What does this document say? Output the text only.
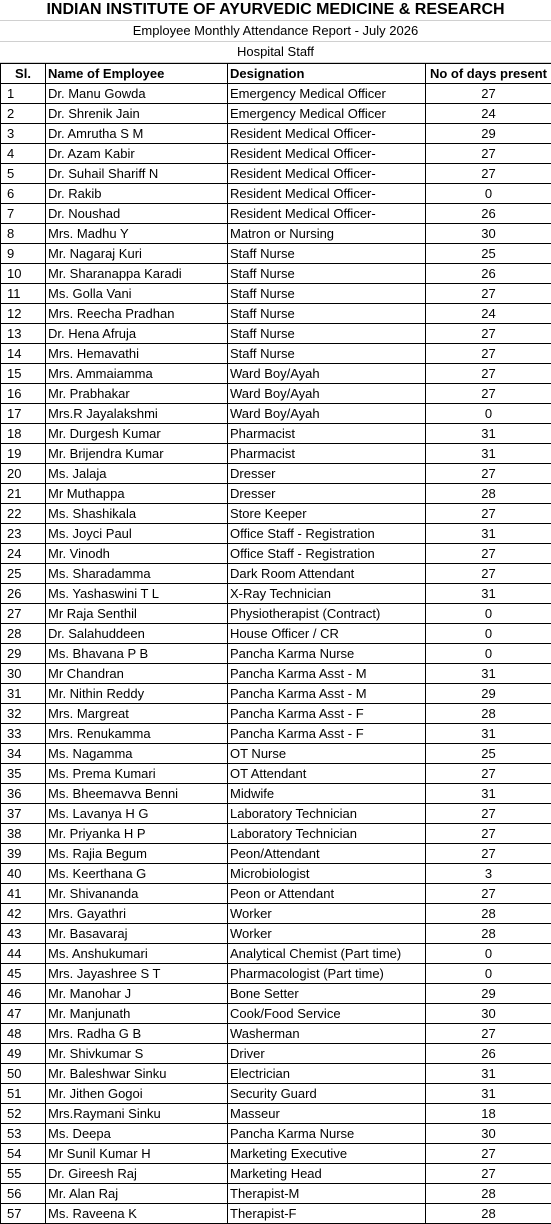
INDIAN INSTITUTE OF AYURVEDIC MEDICINE & RESEARCH
Employee Monthly Attendance Report - July 2026
Hospital Staff
Sl.	Name of Employee	Designation	No of days present
1	Dr. Manu Gowda	Emergency Medical Officer	27
2	Dr. Shrenik Jain	Emergency Medical Officer	24
3	Dr. Amrutha S M	Resident Medical Officer-	29
4	Dr. Azam Kabir	Resident Medical Officer-	27
5	Dr. Suhail Shariff N	Resident Medical Officer-	27
6	Dr. Rakib	Resident Medical Officer-	0
7	Dr. Noushad	Resident Medical Officer-	26
8	Mrs. Madhu Y	Matron or Nursing	30
9	Mr. Nagaraj Kuri	Staff Nurse	25
10	Mr. Sharanappa Karadi	Staff Nurse	26
11	Ms. Golla Vani	Staff Nurse	27
12	Mrs. Reecha Pradhan	Staff Nurse	24
13	Dr. Hena Afruja	Staff Nurse	27
14	Mrs. Hemavathi	Staff Nurse	27
15	Mrs. Ammaiamma	Ward Boy/Ayah	27
16	Mr. Prabhakar	Ward Boy/Ayah	27
17	Mrs.R Jayalakshmi	Ward Boy/Ayah	0
18	Mr. Durgesh Kumar	Pharmacist	31
19	Mr. Brijendra Kumar	Pharmacist	31
20	Ms. Jalaja	Dresser	27
21	Mr Muthappa	Dresser	28
22	Ms. Shashikala	Store Keeper	27
23	Ms. Joyci Paul	Office Staff - Registration	31
24	Mr. Vinodh	Office Staff - Registration	27
25	Ms. Sharadamma	Dark Room Attendant	27
26	Ms. Yashaswini T L	X-Ray Technician	31
27	Mr Raja Senthil	Physiotherapist (Contract)	0
28	Dr. Salahuddeen	House Officer / CR	0
29	Ms. Bhavana P B	Pancha Karma Nurse	0
30	Mr Chandran	Pancha Karma Asst - M	31
31	Mr. Nithin Reddy	Pancha Karma Asst - M	29
32	Mrs. Margreat	Pancha Karma Asst - F	28
33	Mrs. Renukamma	Pancha Karma Asst - F	31
34	Ms. Nagamma	OT Nurse	25
35	Ms. Prema Kumari	OT Attendant	27
36	Ms. Bheemavva Benni	Midwife	31
37	Ms. Lavanya H G	Laboratory Technician	27
38	Mr. Priyanka H P	Laboratory Technician	27
39	Ms. Rajia Begum	Peon/Attendant	27
40	Ms. Keerthana G	Microbiologist	3
41	Mr. Shivananda	Peon or Attendant	27
42	Mrs. Gayathri	Worker	28
43	Mr. Basavaraj	Worker	28
44	Ms. Anshukumari	Analytical Chemist (Part time)	0
45	Mrs. Jayashree S T	Pharmacologist (Part time)	0
46	Mr. Manohar J	Bone Setter	29
47	Mr. Manjunath	Cook/Food Service	30
48	Mrs. Radha G B	Washerman	27
49	Mr. Shivkumar S	Driver	26
50	Mr. Baleshwar Sinku	Electrician	31
51	Mr. Jithen Gogoi	Security Guard	31
52	Mrs.Raymani Sinku	Masseur	18
53	Ms. Deepa	Pancha Karma Nurse	30
54	Mr Sunil Kumar H	Marketing Executive	27
55	Dr. Gireesh Raj	Marketing Head	27
56	Mr. Alan Raj	Therapist-M	28
57	Ms. Raveena K	Therapist-F	28
